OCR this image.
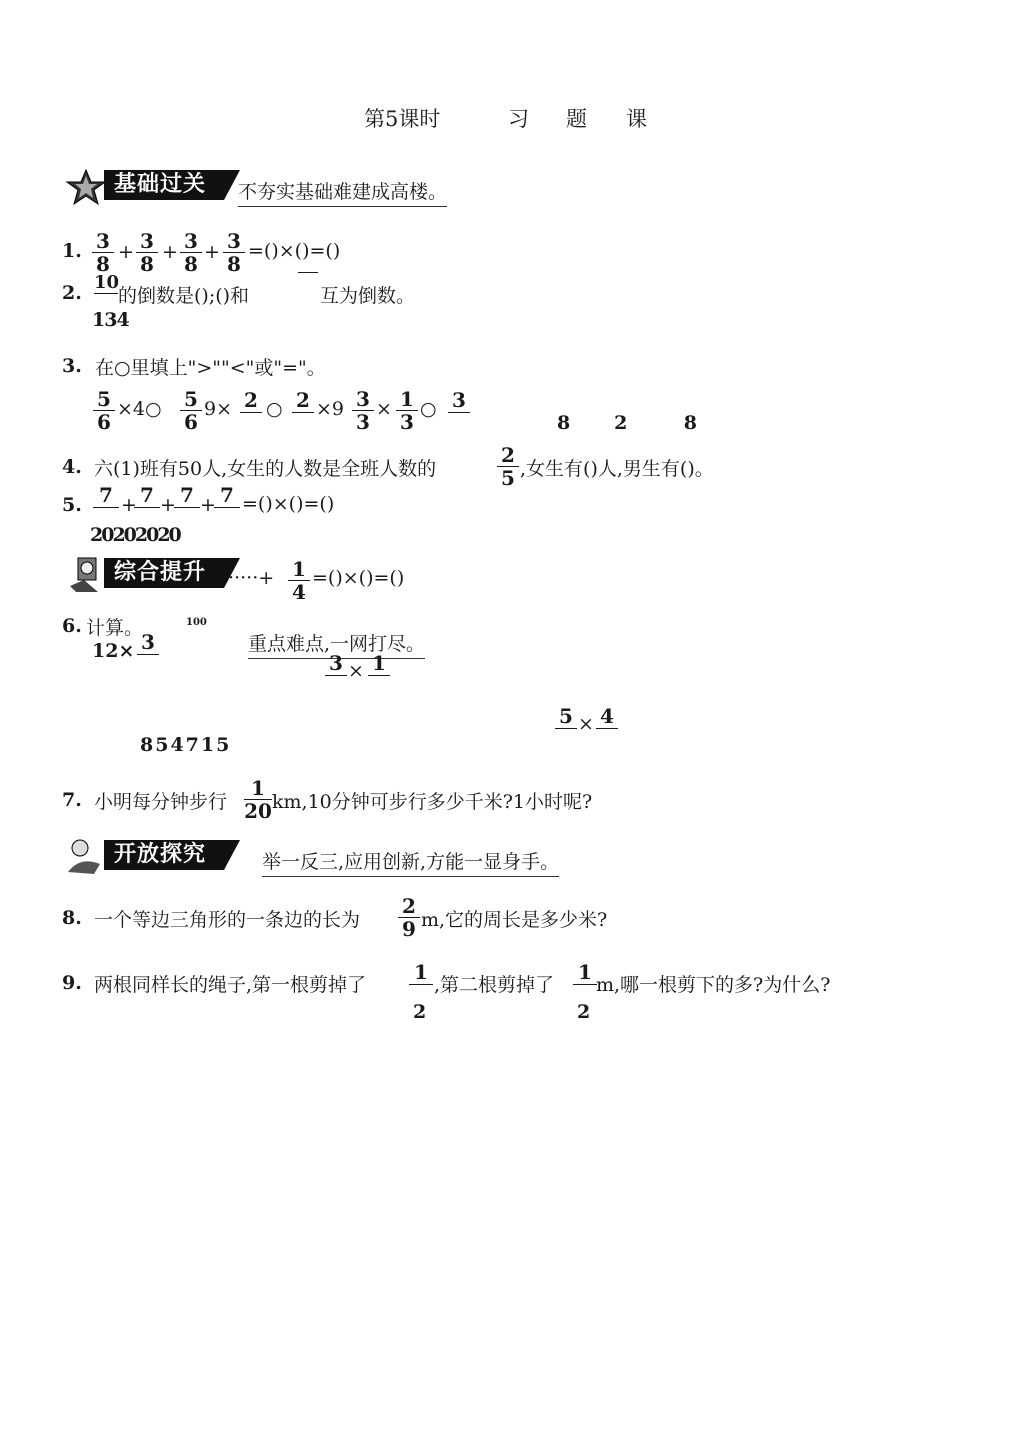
第5课时	习 题 课
基础过关	不夯实基础难建成高楼。
1. $\frac{3}{8} + \frac{3}{8} + \frac{3}{8} + \frac{3}{8}$ =()×()=()
2. 10
的倒数是();()和	互为倒数。
134
3. 在○里填上">""<"或"="。
$\frac{5}{6}$ ×4○ $\frac{5}{6} 9\times 2$ ○ $2 \times 9 \frac{3}{3} \times \frac{1}{3}$ ○ 3
8   2    8
4. 六(1)班有50人,女生的人数是全班人数的	$\frac{2}{5}$ ,女生有()人,男生有()。
5. 7 + 7 + 7 + 7 =()×()=()
20202020
综合提升 ······+ $\frac{1}{4}$ =()×()=()
100
6. 计算。
12× 3	重点难点,一网打尽。
3 × 1
5 × 4
854715
7. 小明每分钟步行 $\frac{1}{20} km,10$分钟可步行多少千米?1小时呢?
开放探究	举一反三,应用创新,方能一显身手。
8. 一个等边三角形的一条边的长为 $\frac{2}{9} m$,它的周长是多少米?
9. 两根同样长的绳子,第一根剪掉了
1
,第二根剪掉了
1
m,哪一根剪下的多?为什么?
2	2
